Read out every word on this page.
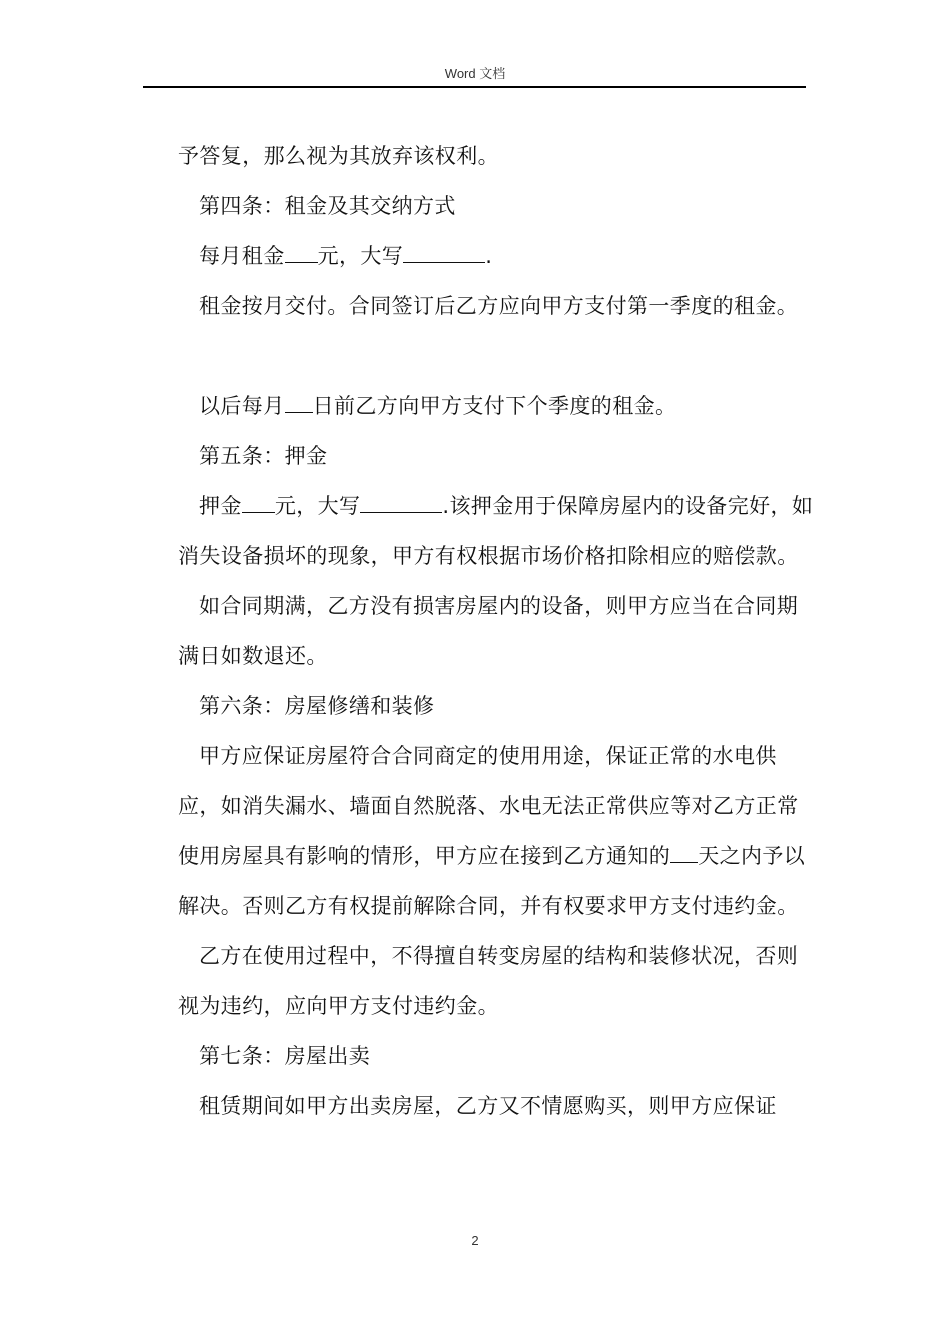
Word 文档

予答复，那么视为其放弃该权利。

第四条：租金及其交纳方式

每月租金 元，大写	.

租金按月交付。合同签订后乙方应向甲方支付第一季度的租金。

以后每月 日前乙方向甲方支付下个季度的租金。

第五条：押金

押金 元，大写	.该押金用于保障房屋内的设备完好，如消失设备损坏的现象，甲方有权根据市场价格扣除相应的赔偿款。

如合同期满，乙方没有损害房屋内的设备，则甲方应当在合同期满日如数退还。

第六条：房屋修缮和装修

甲方应保证房屋符合合同商定的使用用途，保证正常的水电供应，如消失漏水、墙面自然脱落、水电无法正常供应等对乙方正常使用房屋具有影响的情形，甲方应在接到乙方通知的 天之内予以解决。否则乙方有权提前解除合同，并有权要求甲方支付违约金。

乙方在使用过程中，不得擅自转变房屋的结构和装修状况，否则视为违约，应向甲方支付违约金。

第七条：房屋出卖

租赁期间如甲方出卖房屋，乙方又不情愿购买，则甲方应保证

2
